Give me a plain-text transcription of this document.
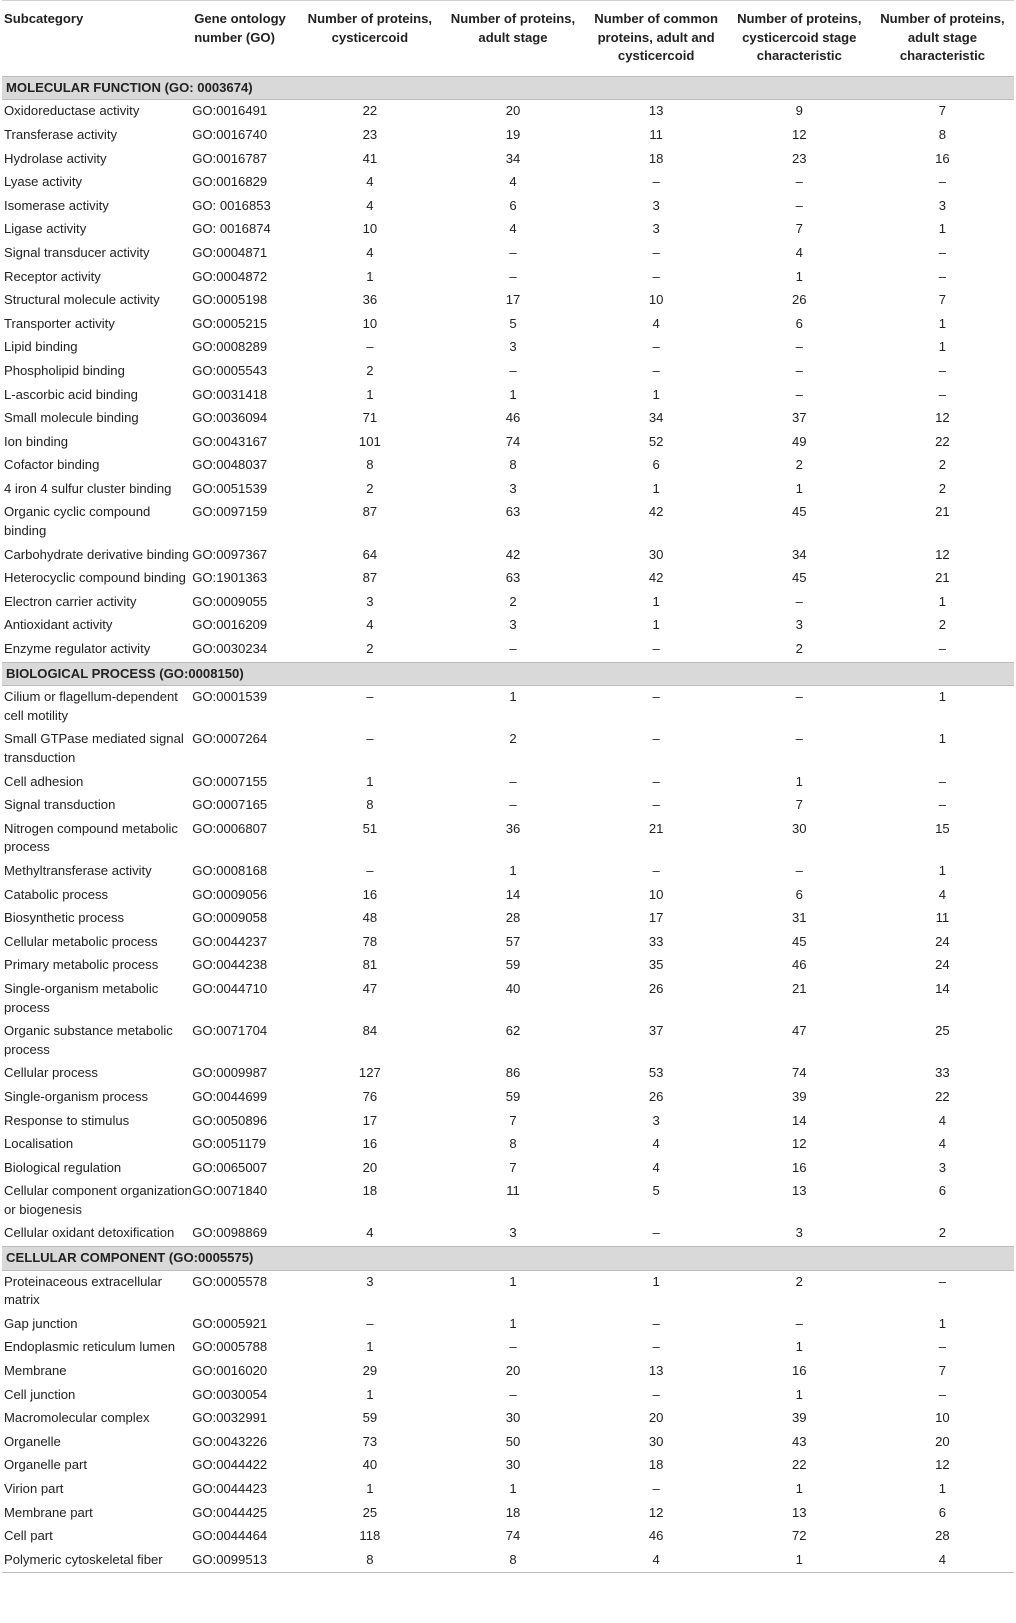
Subcategory	Gene ontology number (GO)	Number of proteins, cysticercoid	Number of proteins, adult stage	Number of common proteins, adult and cysticercoid	Number of proteins, cysticercoid stage characteristic	Number of proteins, adult stage characteristic
MOLECULAR FUNCTION (GO: 0003674)						
Oxidoreductase activity	GO:0016491	22	20	13	9	7
Transferase activity	GO:0016740	23	19	11	12	8
Hydrolase activity	GO:0016787	41	34	18	23	16
Lyase activity	GO:0016829	4	4	–	–	–
Isomerase activity	GO: 0016853	4	6	3	–	3
Ligase activity	GO: 0016874	10	4	3	7	1
Signal transducer activity	GO:0004871	4	–	–	4	–
Receptor activity	GO:0004872	1	–	–	1	–
Structural molecule activity	GO:0005198	36	17	10	26	7
Transporter activity	GO:0005215	10	5	4	6	1
Lipid binding	GO:0008289	–	3	–	–	1
Phospholipid binding	GO:0005543	2	–	–	–	–
L-ascorbic acid binding	GO:0031418	1	1	1	–	–
Small molecule binding	GO:0036094	71	46	34	37	12
Ion binding	GO:0043167	101	74	52	49	22
Cofactor binding	GO:0048037	8	8	6	2	2
4 iron 4 sulfur cluster binding	GO:0051539	2	3	1	1	2
Organic cyclic compound binding	GO:0097159	87	63	42	45	21
Carbohydrate derivative binding	GO:0097367	64	42	30	34	12
Heterocyclic compound binding	GO:1901363	87	63	42	45	21
Electron carrier activity	GO:0009055	3	2	1	–	1
Antioxidant activity	GO:0016209	4	3	1	3	2
Enzyme regulator activity	GO:0030234	2	–	–	2	–
BIOLOGICAL PROCESS (GO:0008150)						
Cilium or flagellum-dependent cell motility	GO:0001539	–	1	–	–	1
Small GTPase mediated signal transduction	GO:0007264	–	2	–	–	1
Cell adhesion	GO:0007155	1	–	–	1	–
Signal transduction	GO:0007165	8	–	–	7	–
Nitrogen compound metabolic process	GO:0006807	51	36	21	30	15
Methyltransferase activity	GO:0008168	–	1	–	–	1
Catabolic process	GO:0009056	16	14	10	6	4
Biosynthetic process	GO:0009058	48	28	17	31	11
Cellular metabolic process	GO:0044237	78	57	33	45	24
Primary metabolic process	GO:0044238	81	59	35	46	24
Single-organism metabolic process	GO:0044710	47	40	26	21	14
Organic substance metabolic process	GO:0071704	84	62	37	47	25
Cellular process	GO:0009987	127	86	53	74	33
Single-organism process	GO:0044699	76	59	26	39	22
Response to stimulus	GO:0050896	17	7	3	14	4
Localisation	GO:0051179	16	8	4	12	4
Biological regulation	GO:0065007	20	7	4	16	3
Cellular component organization or biogenesis	GO:0071840	18	11	5	13	6
Cellular oxidant detoxification	GO:0098869	4	3	–	3	2
CELLULAR COMPONENT (GO:0005575)						
Proteinaceous extracellular matrix	GO:0005578	3	1	1	2	–
Gap junction	GO:0005921	–	1	–	–	1
Endoplasmic reticulum lumen	GO:0005788	1	–	–	1	–
Membrane	GO:0016020	29	20	13	16	7
Cell junction	GO:0030054	1	–	–	1	–
Macromolecular complex	GO:0032991	59	30	20	39	10
Organelle	GO:0043226	73	50	30	43	20
Organelle part	GO:0044422	40	30	18	22	12
Virion part	GO:0044423	1	1	–	1	1
Membrane part	GO:0044425	25	18	12	13	6
Cell part	GO:0044464	118	74	46	72	28
Polymeric cytoskeletal fiber	GO:0099513	8	8	4	1	4
